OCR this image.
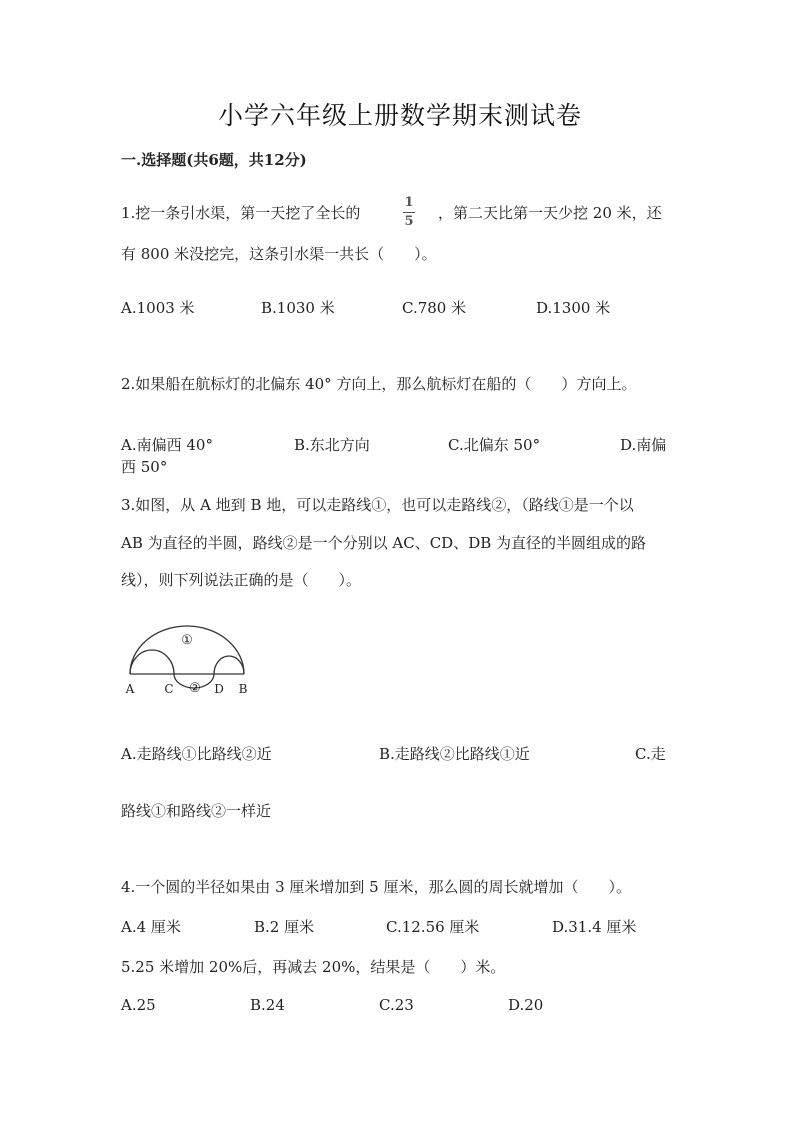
小学六年级上册数学期末测试卷
一.选择题(共6题，共12分)
1.挖一条引水渠，第一天挖了全长的
1
5 ，第二天比第一天少挖 20 米，还
有 800 米没挖完，这条引水渠一共长（　　）。
A.1003 米	B.1030 米	C.780 米	D.1300 米
2.如果船在航标灯的北偏东 40° 方向上，那么航标灯在船的（　　）方向上。
A.南偏西 40°	B.东北方向	C.北偏东 50°	D.南偏
西 50°
3.如图，从 A 地到 B 地，可以走路线①，也可以走路线②，（路线①是一个以
AB 为直径的半圆，路线②是一个分别以 AC、CD、DB 为直径的半圆组成的路
线），则下列说法正确的是（　　）。
①
②
A	C	D B
A.走路线①比路线②近	B.走路线②比路线①近	C.走
路线①和路线②一样近
4.一个圆的半径如果由 3 厘米增加到 5 厘米，那么圆的周长就增加（　　）。
A.4 厘米	B.2 厘米	C.12.56 厘米	D.31.4 厘米
5.25 米增加 20%后，再减去 20%，结果是（　　）米。
A.25	B.24	C.23	D.20
